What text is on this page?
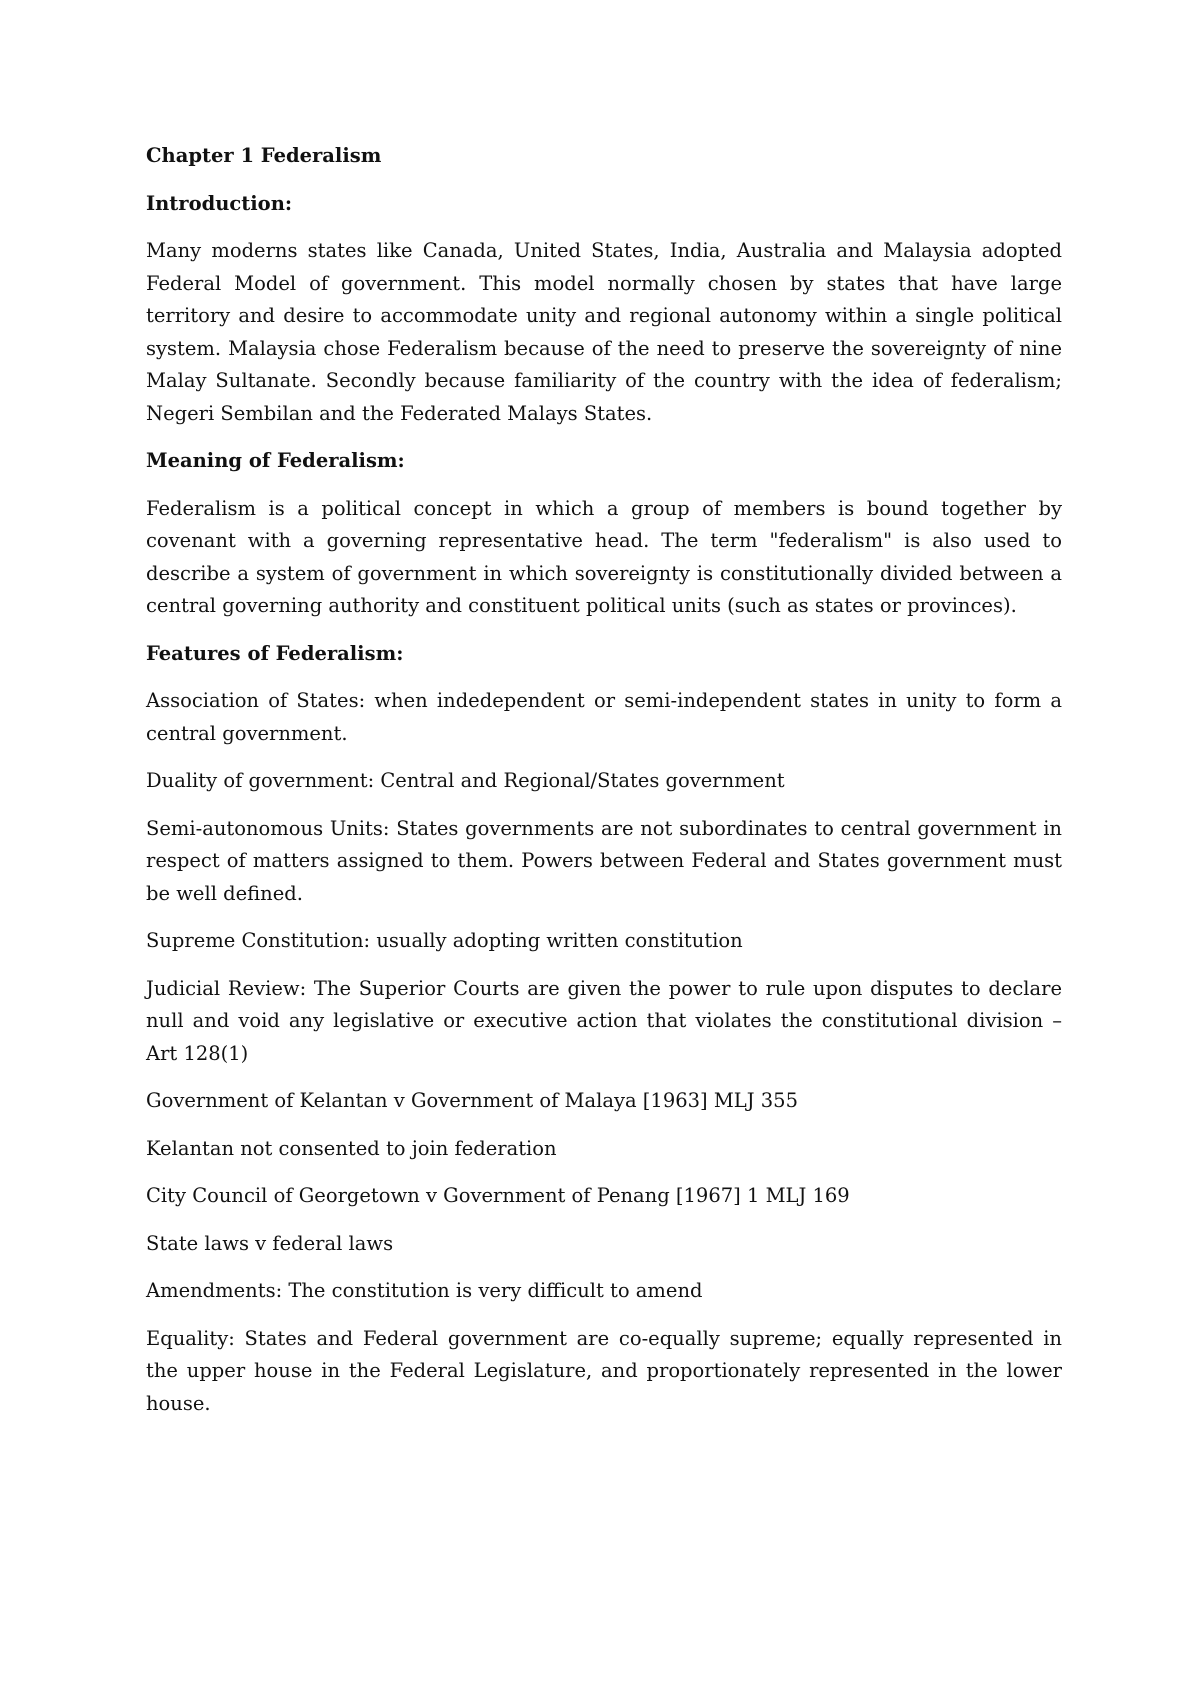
Chapter 1 Federalism

Introduction:

Many moderns states like Canada, United States, India, Australia and Malaysia adopted Federal Model of government. This model normally chosen by states that have large territory and desire to accommodate unity and regional autonomy within a single political system. Malaysia chose Federalism because of the need to preserve the sovereignty of nine Malay Sultanate. Secondly because familiarity of the country with the idea of federalism; Negeri Sembilan and the Federated Malays States.

Meaning of Federalism:

Federalism is a political concept in which a group of members is bound together by covenant with a governing representative head. The term "federalism" is also used to describe a system of government in which sovereignty is constitutionally divided between a central governing authority and constituent political units (such as states or provinces).

Features of Federalism:

Association of States: when indedependent or semi-independent states in unity to form a central government.

Duality of government: Central and Regional/States government

Semi-autonomous Units: States governments are not subordinates to central government in respect of matters assigned to them. Powers between Federal and States government must be well defined.

Supreme Constitution: usually adopting written constitution

Judicial Review: The Superior Courts are given the power to rule upon disputes to declare null and void any legislative or executive action that violates the constitutional division – Art 128(1)

Government of Kelantan v Government of Malaya [1963] MLJ 355

Kelantan not consented to join federation

City Council of Georgetown v Government of Penang [1967] 1 MLJ 169

State laws v federal laws

Amendments: The constitution is very difficult to amend

Equality: States and Federal government are co-equally supreme; equally represented in the upper house in the Federal Legislature, and proportionately represented in the lower house.
